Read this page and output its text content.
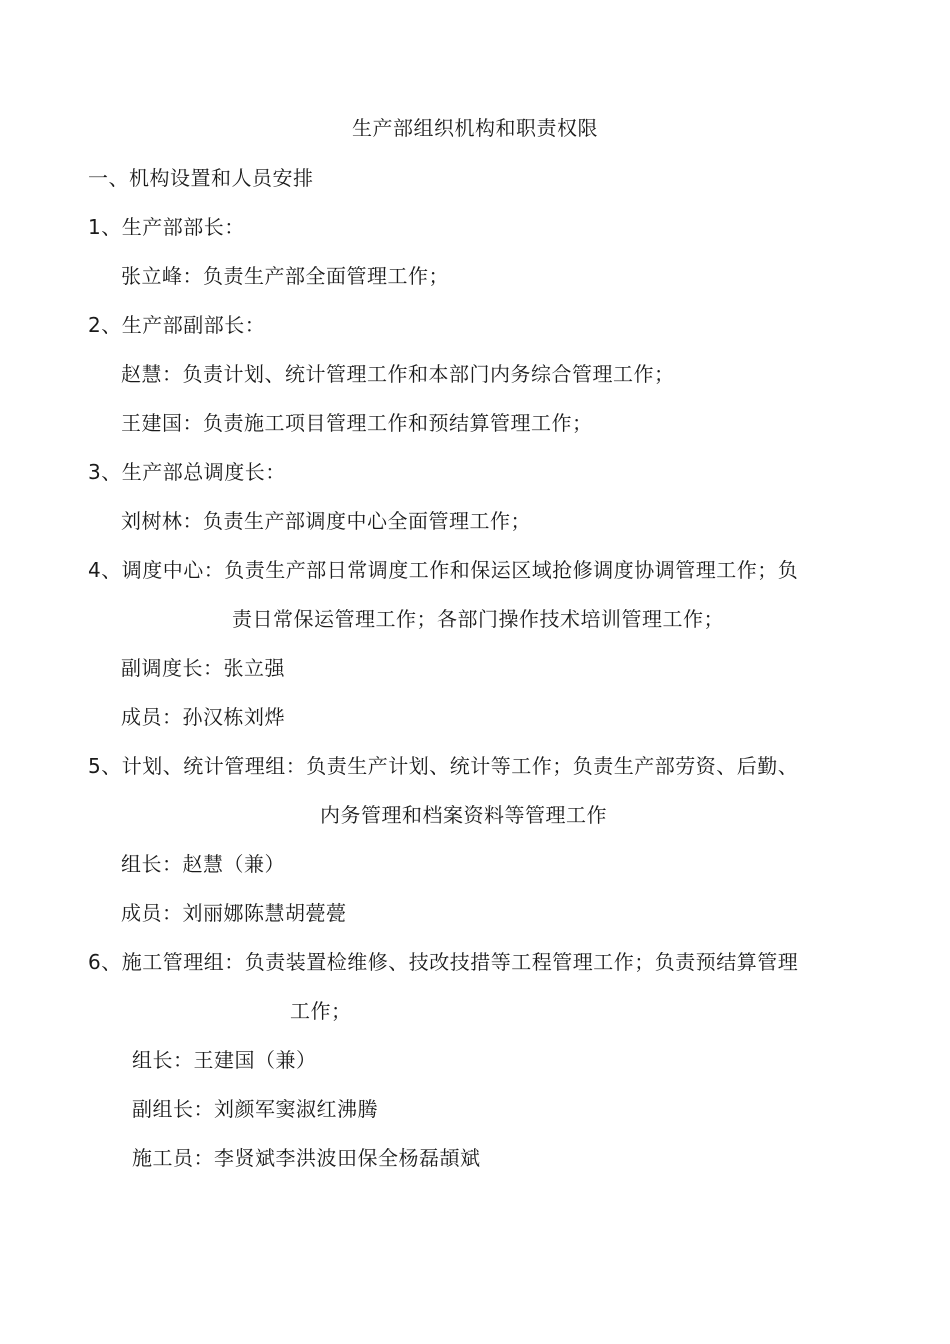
生产部组织机构和职责权限
一、机构设置和人员安排
1、生产部部长：
张立峰：负责生产部全面管理工作；
2、生产部副部长：
赵慧：负责计划、统计管理工作和本部门内务综合管理工作；
王建国：负责施工项目管理工作和预结算管理工作；
3、生产部总调度长：
刘树林：负责生产部调度中心全面管理工作；
4、调度中心：负责生产部日常调度工作和保运区域抢修调度协调管理工作；负
责日常保运管理工作；各部门操作技术培训管理工作；
副调度长：张立强
成员：孙汉栋刘烨
5、计划、统计管理组：负责生产计划、统计等工作；负责生产部劳资、后勤、
内务管理和档案资料等管理工作
组长：赵慧（兼）
成员：刘丽娜陈慧胡甍甍
6、施工管理组：负责装置检维修、技改技措等工程管理工作；负责预结算管理
工作；
组长：王建国（兼）
副组长：刘颜军窦淑红沸腾
施工员：李贤斌李洪波田保全杨磊頡斌
